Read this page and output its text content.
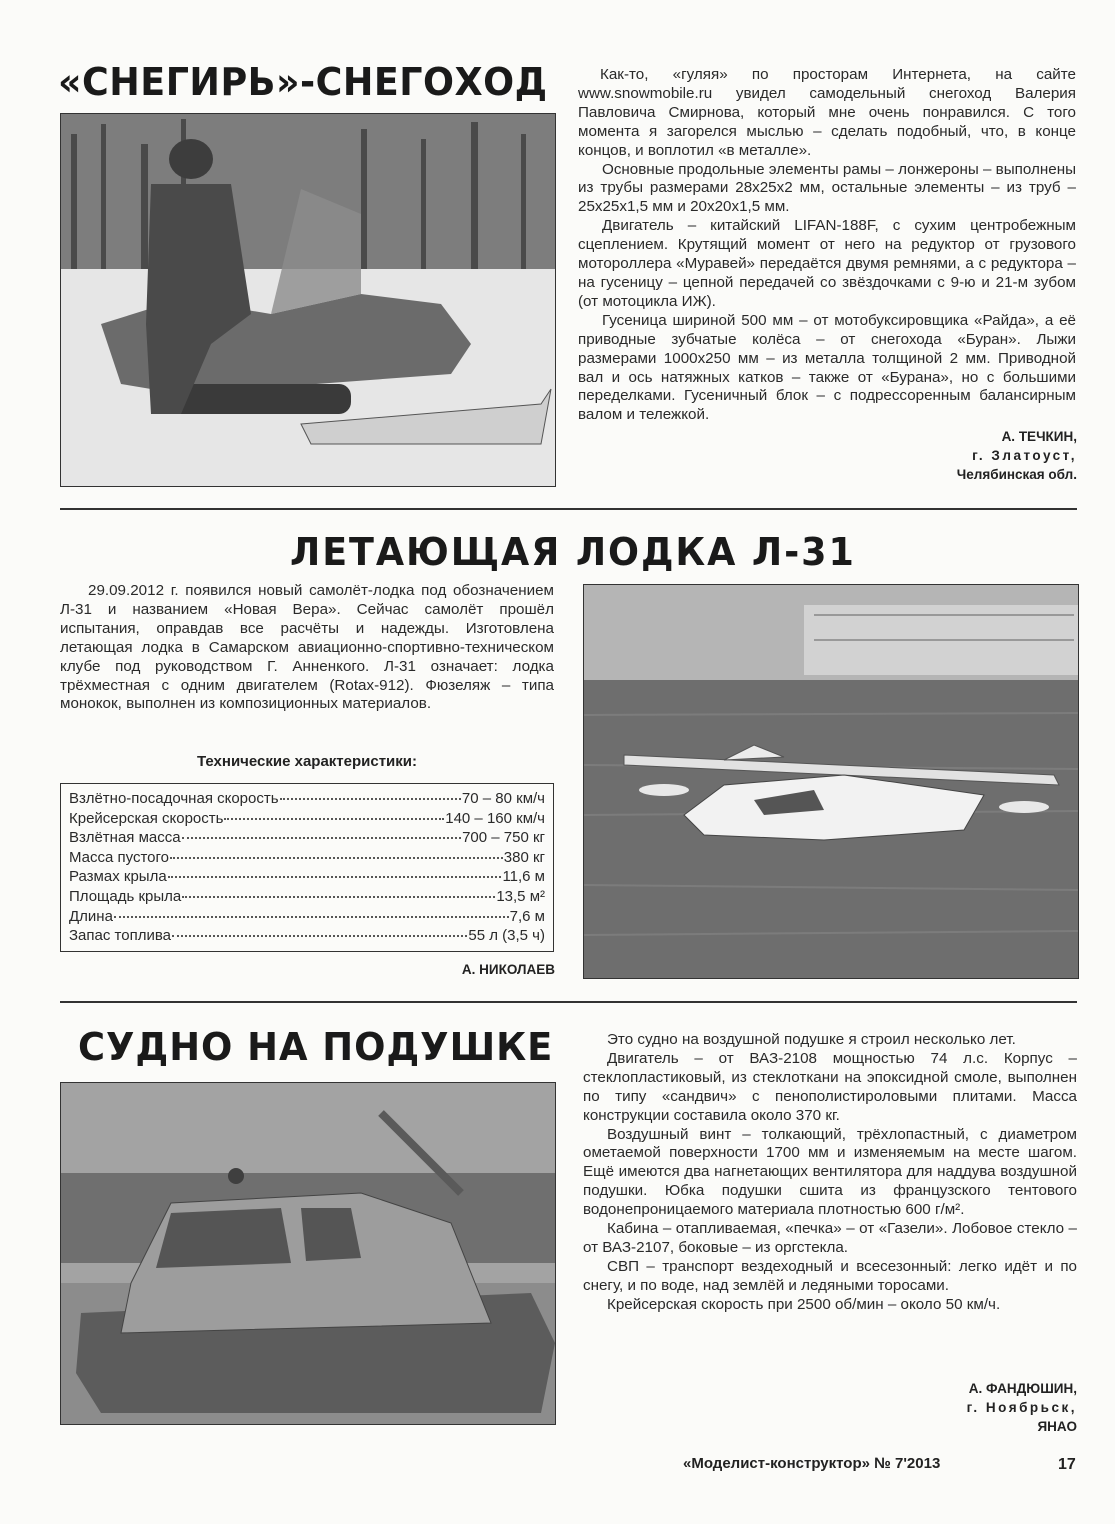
«СНЕГИРЬ»-СНЕГОХОД	Как-то, «гуляя» по просторам Интернета, на сайте www.snowmobile.ru увидел самодельный снегоход Валерия Павловича Смирнова, который мне очень понравился. С того момента я загорелся мыслью – сделать подобный, что, в конце концов, и воплотил «в металле».

Основные продольные элементы рамы – лонжероны – выполнены из трубы размерами 28x25x2 мм, остальные элементы – из труб – 25x25x1,5 мм и 20x20x1,5 мм.

Двигатель – китайский LIFAN-188F, с сухим центробежным сцеплением. Крутящий момент от него на редуктор от грузового мотороллера «Муравей» передаётся двумя ремнями, а с редуктора – на гусеницу – цепной передачей со звёздочками с 9-ю и 21-м зубом (от мотоцикла ИЖ).

Гусеница шириной 500 мм – от мотобуксировщика «Райда», а её приводные зубчатые колёса – от снегохода «Буран». Лыжи размерами 1000x250 мм – из металла толщиной 2 мм. Приводной вал и ось натяжных катков – также от «Бурана», но с большими переделками. Гусеничный блок – с подрессоренным балансирным валом и тележкой.

А. ТЕЧКИН,
г. Златоуст,
Челябинская обл.
ЛЕТАЮЩАЯ ЛОДКА Л-31

29.09.2012 г. появился новый самолёт-лодка под обозначением Л-31 и названием «Новая Вера». Сейчас самолёт прошёл испытания, оправдав все расчёты и надежды. Изготовлена летающая лодка в Самарском авиационно-спортивно-техническом клубе под руководством Г. Анненкого. Л-31 означает: лодка трёхместная с одним двигателем (Rotax-912). Фюзеляж – типа монокок, выполнен из композиционных материалов.

Технические характеристики:
Взлётно-посадочная скорость	70 – 80 км/ч
Крейсерская скорость	140 – 160 км/ч
Взлётная масса	700 – 750 кг
Масса пустого	380 кг
Размах крыла	11,6 м
Площадь крыла	13,5 м²
Длина	7,6 м
Запас топлива	55 л (3,5 ч)
А. НИКОЛАЕВ
СУДНО НА ПОДУШКЕ	Это судно на воздушной подушке я строил несколько лет.

Двигатель – от ВАЗ-2108 мощностью 74 л.с. Корпус – стеклопластиковый, из стеклоткани на эпоксидной смоле, выполнен по типу «сандвич» с пенополистироловыми плитами. Масса конструкции составила около 370 кг.

Воздушный винт – толкающий, трёхлопастный, с диаметром ометаемой поверхности 1700 мм и изменяемым на месте шагом. Ещё имеются два нагнетающих вентилятора для наддува воздушной подушки. Юбка подушки сшита из французского тентового водонепроницаемого материала плотностью 600 г/м².

Кабина – отапливаемая, «печка» – от «Газели». Лобовое стекло – от ВАЗ-2107, боковые – из оргстекла.

СВП – транспорт вездеходный и всесезонный: легко идёт и по снегу, и по воде, над землёй и ледяными торосами.

Крейсерская скорость при 2500 об/мин – около 50 км/ч.

А. ФАНДЮШИН,
г. Ноябрьск,
ЯНАО
«Моделист-конструктор» № 7'2013	17
